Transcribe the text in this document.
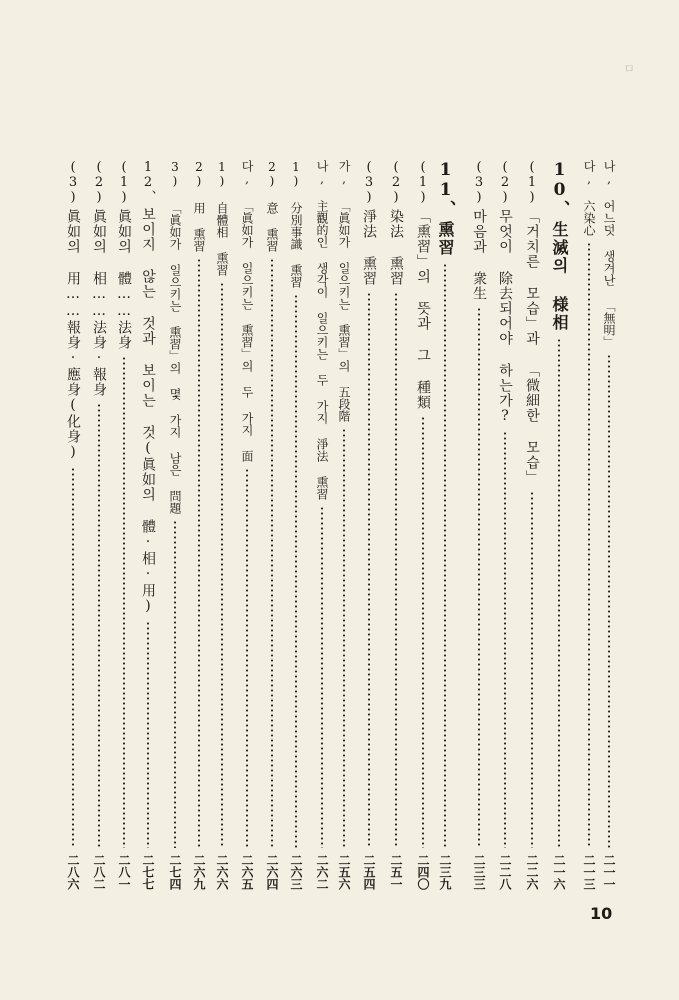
ㅁ
나, 어느덧 생겨난 「無明」
二一一
다, 六染心
二一三
10、
生滅의 様相
二一六
(1)
「거치른 모습」과 「微細한 모습」
二二六
(2)
무엇이 除去되어야 하는가?
二二八
(3)
마음과 衆生
二三三
11、
熏習
二三九
(1)
「熏習」의 뜻과 그 種類
二四〇
(2)
染法 熏習
二五一
(3)
淨法 熏習
二五四
가, 「眞如가 일으키는 熏習」의 五段階
二五六
나, 主觀的인 생각이 일으키는 두 가지 淨法 熏習
二六二
1) 分別事識 熏習
二六三
2) 意 熏習
二六四
다, 「眞如가 일으키는 熏習」의 두 가지 面
二六五
1) 自體相 熏習
二六六
2) 用 熏習
二六九
3) 「眞如가 일으키는 熏習」의 몇 가지 남은 問題
二七四
12、
보이지 않는 것과 보이는 것(眞如의 體·相·用)
二七七
(1)
眞如의 體……法身
二八一
(2)
眞如의 相……法身·報身
二八二
(3)
眞如의 用……報身·應身(化身)
二八六
10
